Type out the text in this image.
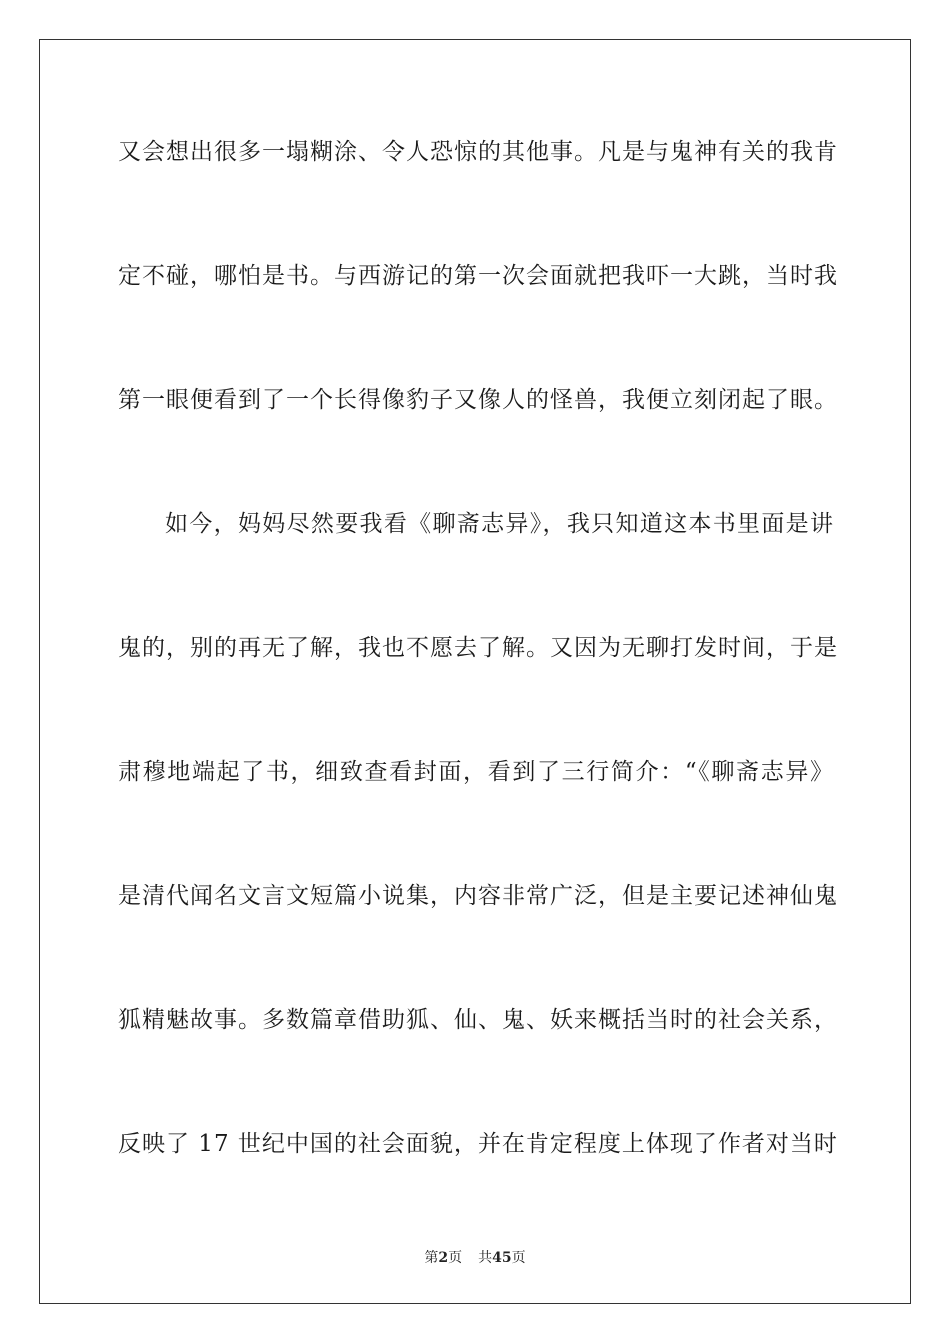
又会想出很多一塌糊涂、令人恐惊的其他事。凡是与鬼神有关的我肯
定不碰，哪怕是书。与西游记的第一次会面就把我吓一大跳，当时我
第一眼便看到了一个长得像豹子又像人的怪兽，我便立刻闭起了眼。
如今，妈妈尽然要我看《聊斋志异》，我只知道这本书里面是讲
鬼的，别的再无了解，我也不愿去了解。又因为无聊打发时间，于是
肃穆地端起了书，细致查看封面，看到了三行简介：“《聊斋志异》
是清代闻名文言文短篇小说集，内容非常广泛，但是主要记述神仙鬼
狐精魅故事。多数篇章借助狐、仙、鬼、妖来概括当时的社会关系，
反映了 17 世纪中国的社会面貌，并在肯定程度上体现了作者对当时
第2页 共45页
